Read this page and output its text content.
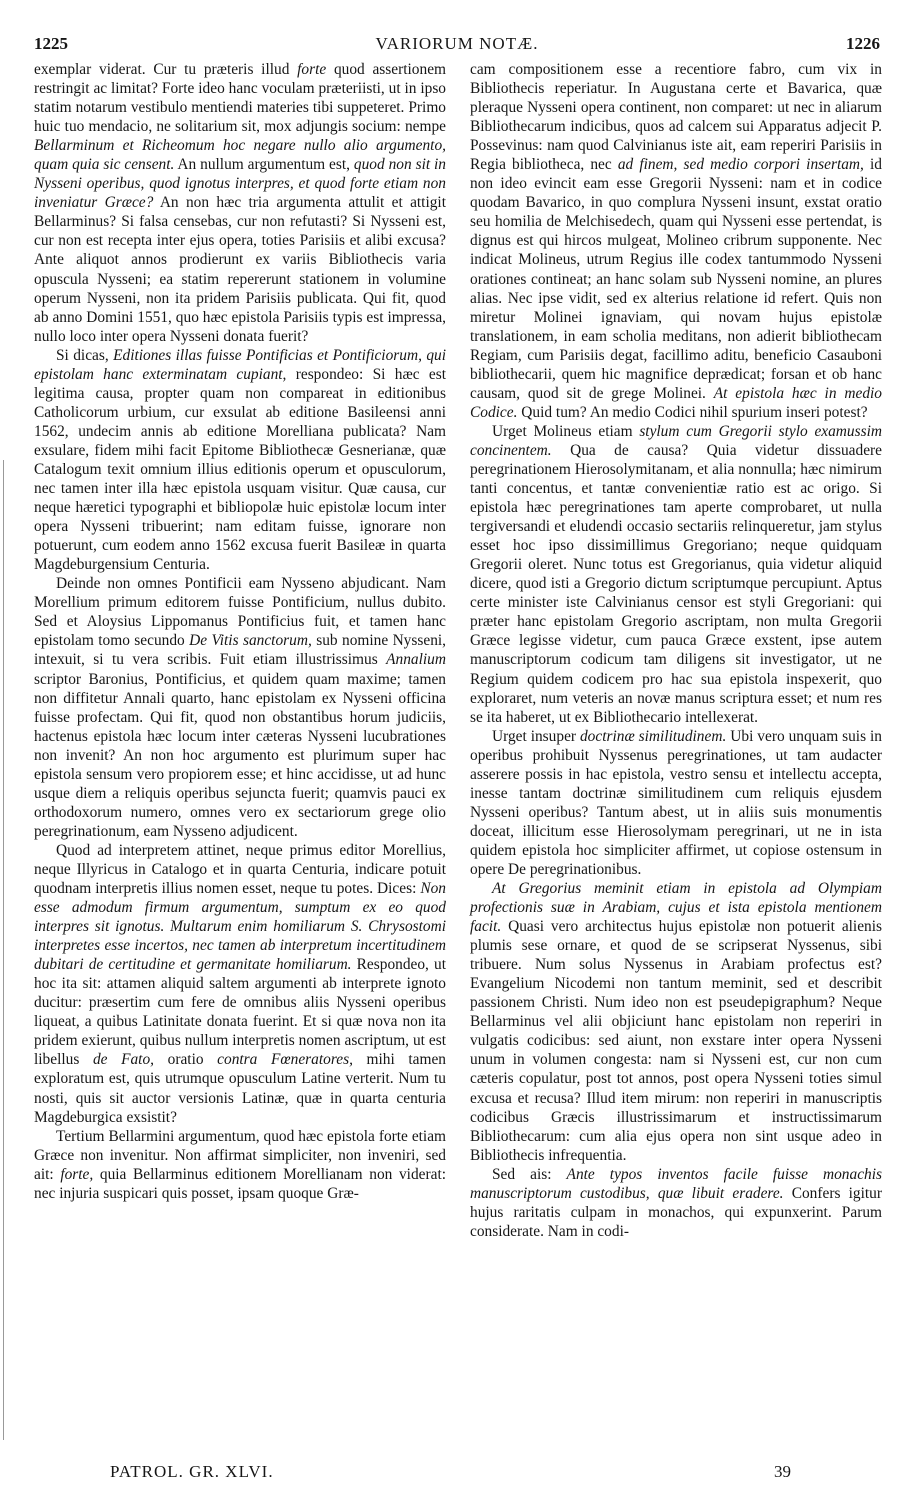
1225	VARIORUM NOTÆ.	1226

exemplar viderat. Cur tu præteris illud forte quod assertionem restringit ac limitat? Forte ideo hanc voculam præteriisti, ut in ipso statim notarum vestibulo mentiendi materies tibi suppeteret. Primo huic tuo mendacio, ne solitarium sit, mox adjungis socium: nempe Bellarminum et Richeomum hoc negare nullo alio argumento, quam quia sic censent. An nullum argumentum est, quod non sit in Nysseni operibus, quod ignotus interpres, et quod forte etiam non inveniatur Græce? An non hæc tria argumenta attulit et attigit Bellarminus? Si falsa censebas, cur non refutasti? Si Nysseni est, cur non est recepta inter ejus opera, toties Parisiis et alibi excusa? Ante aliquot annos prodierunt ex variis Bibliothecis varia opuscula Nysseni; ea statim repererunt stationem in volumine operum Nysseni, non ita pridem Parisiis publicata. Qui fit, quod ab anno Domini 1551, quo hæc epistola Parisiis typis est impressa, nullo loco inter opera Nysseni donata fuerit?

Si dicas, Editiones illas fuisse Pontificias et Pontificiorum, qui epistolam hanc exterminatam cupiant, respondeo: Si hæc est legitima causa, propter quam non compareat in editionibus Catholicorum urbium, cur exsulat ab editione Basileensi anni 1562, undecim annis ab editione Morelliana publicata? Nam exsulare, fidem mihi facit Epitome Bibliothecæ Gesnerianæ, quæ Catalogum texit omnium illius editionis operum et opusculorum, nec tamen inter illa hæc epistola usquam visitur. Quæ causa, cur neque hæretici typographi et bibliopolæ huic epistolæ locum inter opera Nysseni tribuerint; nam editam fuisse, ignorare non potuerunt, cum eodem anno 1562 excusa fuerit Basileæ in quarta Magdeburgensium Centuria.

Deinde non omnes Pontificii eam Nysseno abjudicant. Nam Morellium primum editorem fuisse Pontificium, nullus dubito. Sed et Aloysius Lippomanus Pontificius fuit, et tamen hanc epistolam tomo secundo De Vitis sanctorum, sub nomine Nysseni, intexuit, si tu vera scribis. Fuit etiam illustrissimus Annalium scriptor Baronius, Pontificius, et quidem quam maxime; tamen non diffitetur Annali quarto, hanc epistolam ex Nysseni officina fuisse profectam. Qui fit, quod non obstantibus horum judiciis, hactenus epistola hæc locum inter cæteras Nysseni lucubrationes non invenit? An non hoc argumento est plurimum super hac epistola sensum vero propiorem esse; et hinc accidisse, ut ad hunc usque diem a reliquis operibus sejuncta fuerit; quamvis pauci ex orthodoxorum numero, omnes vero ex sectariorum grege olio peregrinationum, eam Nysseno adjudicent.

Quod ad interpretem attinet, neque primus editor Morellius, neque Illyricus in Catalogo et in quarta Centuria, indicare potuit quodnam interpretis illius nomen esset, neque tu potes. Dices: Non esse admodum firmum argumentum, sumptum ex eo quod interpres sit ignotus. Multarum enim homiliarum S. Chrysostomi interpretes esse incertos, nec tamen ab interpretum incertitudinem dubitari de certitudine et germanitate homiliarum. Respondeo, ut hoc ita sit: attamen aliquid saltem argumenti ab interprete ignoto ducitur: præsertim cum fere de omnibus aliis Nysseni operibus liqueat, a quibus Latinitate donata fuerint. Et si quæ nova non ita pridem exierunt, quibus nullum interpretis nomen ascriptum, ut est libellus de Fato, oratio contra Fœneratores, mihi tamen exploratum est, quis utrumque opusculum Latine verterit. Num tu nosti, quis sit auctor versionis Latinæ, quæ in quarta centuria Magdeburgica exsistit?

Tertium Bellarmini argumentum, quod hæc epistola forte etiam Græce non invenitur. Non affirmat simpliciter, non inveniri, sed ait: forte, quia Bellarminus editionem Morellianam non viderat: nec injuria suspicari quis posset, ipsam quoque Græ-

cam compositionem esse a recentiore fabro, cum vix in Bibliothecis reperiatur. In Augustana certe et Bavarica, quæ pleraque Nysseni opera continent, non comparet: ut nec in aliarum Bibliothecarum indicibus, quos ad calcem sui Apparatus adjecit P. Possevinus: nam quod Calvinianus iste ait, eam reperiri Parisiis in Regia bibliotheca, nec ad finem, sed medio corpori insertam, id non ideo evincit eam esse Gregorii Nysseni: nam et in codice quodam Bavarico, in quo complura Nysseni insunt, exstat oratio seu homilia de Melchisedech, quam qui Nysseni esse pertendat, is dignus est qui hircos mulgeat, Molineo cribrum supponente. Nec indicat Molineus, utrum Regius ille codex tantummodo Nysseni orationes contineat; an hanc solam sub Nysseni nomine, an plures alias. Nec ipse vidit, sed ex alterius relatione id refert. Quis non miretur Molinei ignaviam, qui novam hujus epistolæ translationem, in eam scholia meditans, non adierit bibliothecam Regiam, cum Parisiis degat, facillimo aditu, beneficio Casauboni bibliothecarii, quem hic magnifice deprædicat; forsan et ob hanc causam, quod sit de grege Molinei. At epistola hæc in medio Codice. Quid tum? An medio Codici nihil spurium inseri potest?

Urget Molineus etiam stylum cum Gregorii stylo examussim concinentem. Qua de causa? Quia videtur dissuadere peregrinationem Hierosolymitanam, et alia nonnulla; hæc nimirum tanti concentus, et tantæ convenientiæ ratio est ac origo. Si epistola hæc peregrinationes tam aperte comprobaret, ut nulla tergiversandi et eludendi occasio sectariis relinqueretur, jam stylus esset hoc ipso dissimillimus Gregoriano; neque quidquam Gregorii oleret. Nunc totus est Gregorianus, quia videtur aliquid dicere, quod isti a Gregorio dictum scriptumque percupiunt. Aptus certe minister iste Calvinianus censor est styli Gregoriani: qui præter hanc epistolam Gregorio ascriptam, non multa Gregorii Græce legisse videtur, cum pauca Græce exstent, ipse autem manuscriptorum codicum tam diligens sit investigator, ut ne Regium quidem codicem pro hac sua epistola inspexerit, quo exploraret, num veteris an novæ manus scriptura esset; et num res se ita haberet, ut ex Bibliothecario intellexerat.

Urget insuper doctrinæ similitudinem. Ubi vero unquam suis in operibus prohibuit Nyssenus peregrinationes, ut tam audacter asserere possis in hac epistola, vestro sensu et intellectu accepta, inesse tantam doctrinæ similitudinem cum reliquis ejusdem Nysseni operibus? Tantum abest, ut in aliis suis monumentis doceat, illicitum esse Hierosolymam peregrinari, ut ne in ista quidem epistola hoc simpliciter affirmet, ut copiose ostensum in opere De peregrinationibus.

At Gregorius meminit etiam in epistola ad Olympiam profectionis suæ in Arabiam, cujus et ista epistola mentionem facit. Quasi vero architectus hujus epistolæ non potuerit alienis plumis sese ornare, et quod de se scripserat Nyssenus, sibi tribuere. Num solus Nyssenus in Arabiam profectus est? Evangelium Nicodemi non tantum meminit, sed et describit passionem Christi. Num ideo non est pseudepigraphum? Neque Bellarminus vel alii objiciunt hanc epistolam non reperiri in vulgatis codicibus: sed aiunt, non exstare inter opera Nysseni unum in volumen congesta: nam si Nysseni est, cur non cum cæteris copulatur, post tot annos, post opera Nysseni toties simul excusa et recusa? Illud item mirum: non reperiri in manuscriptis codicibus Græcis illustrissimarum et instructissimarum Bibliothecarum: cum alia ejus opera non sint usque adeo in Bibliothecis infrequentia.

Sed ais: Ante typos inventos facile fuisse monachis manuscriptorum custodibus, quæ libuit eradere. Confers igitur hujus raritatis culpam in monachos, qui expunxerint. Parum considerate. Nam in codi-

PATROL. GR. XLVI.	39
